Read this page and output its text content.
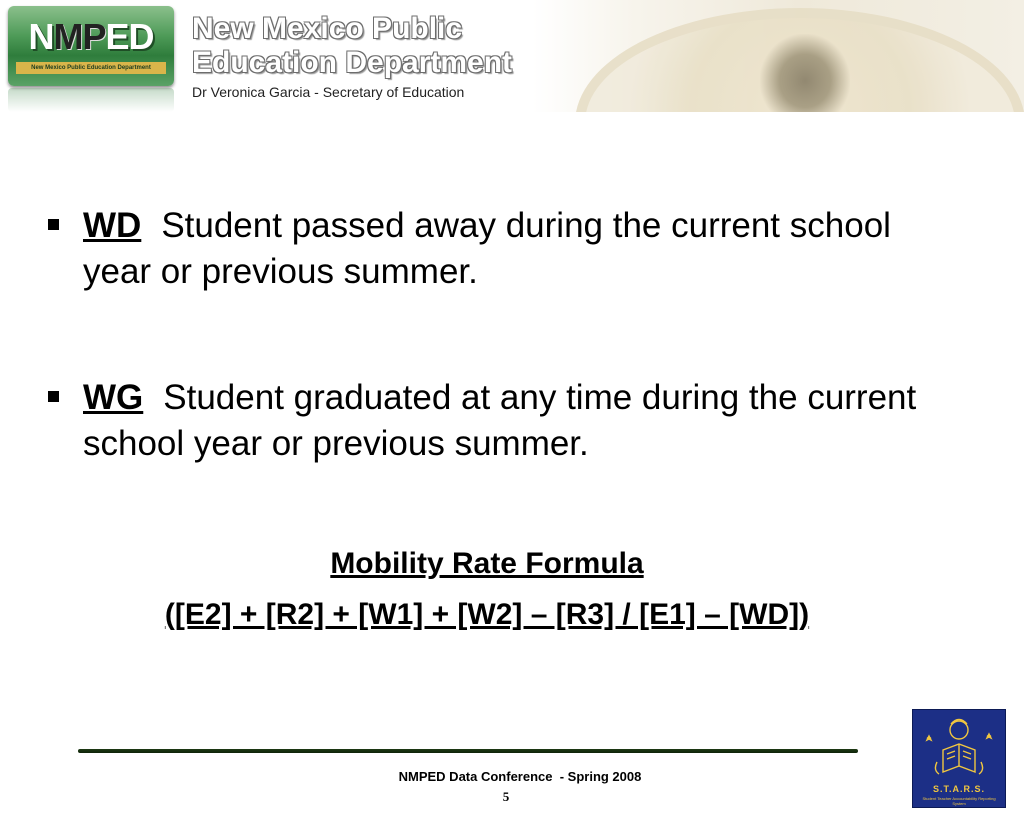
NMPED
New Mexico Public Education Department
New Mexico Public
Education Department
Dr Veronica Garcia - Secretary of Education
WD Student passed away during the current school year or previous summer.
WG Student graduated at any time during the current school year or previous summer.
Mobility Rate Formula
([E2] + [R2] + [W1] + [W2] – [R3] / [E1] – [WD])
NMPED Data Conference  - Spring 2008
5	S.T.A.R.S.
Student Teacher Accountability Reporting System
